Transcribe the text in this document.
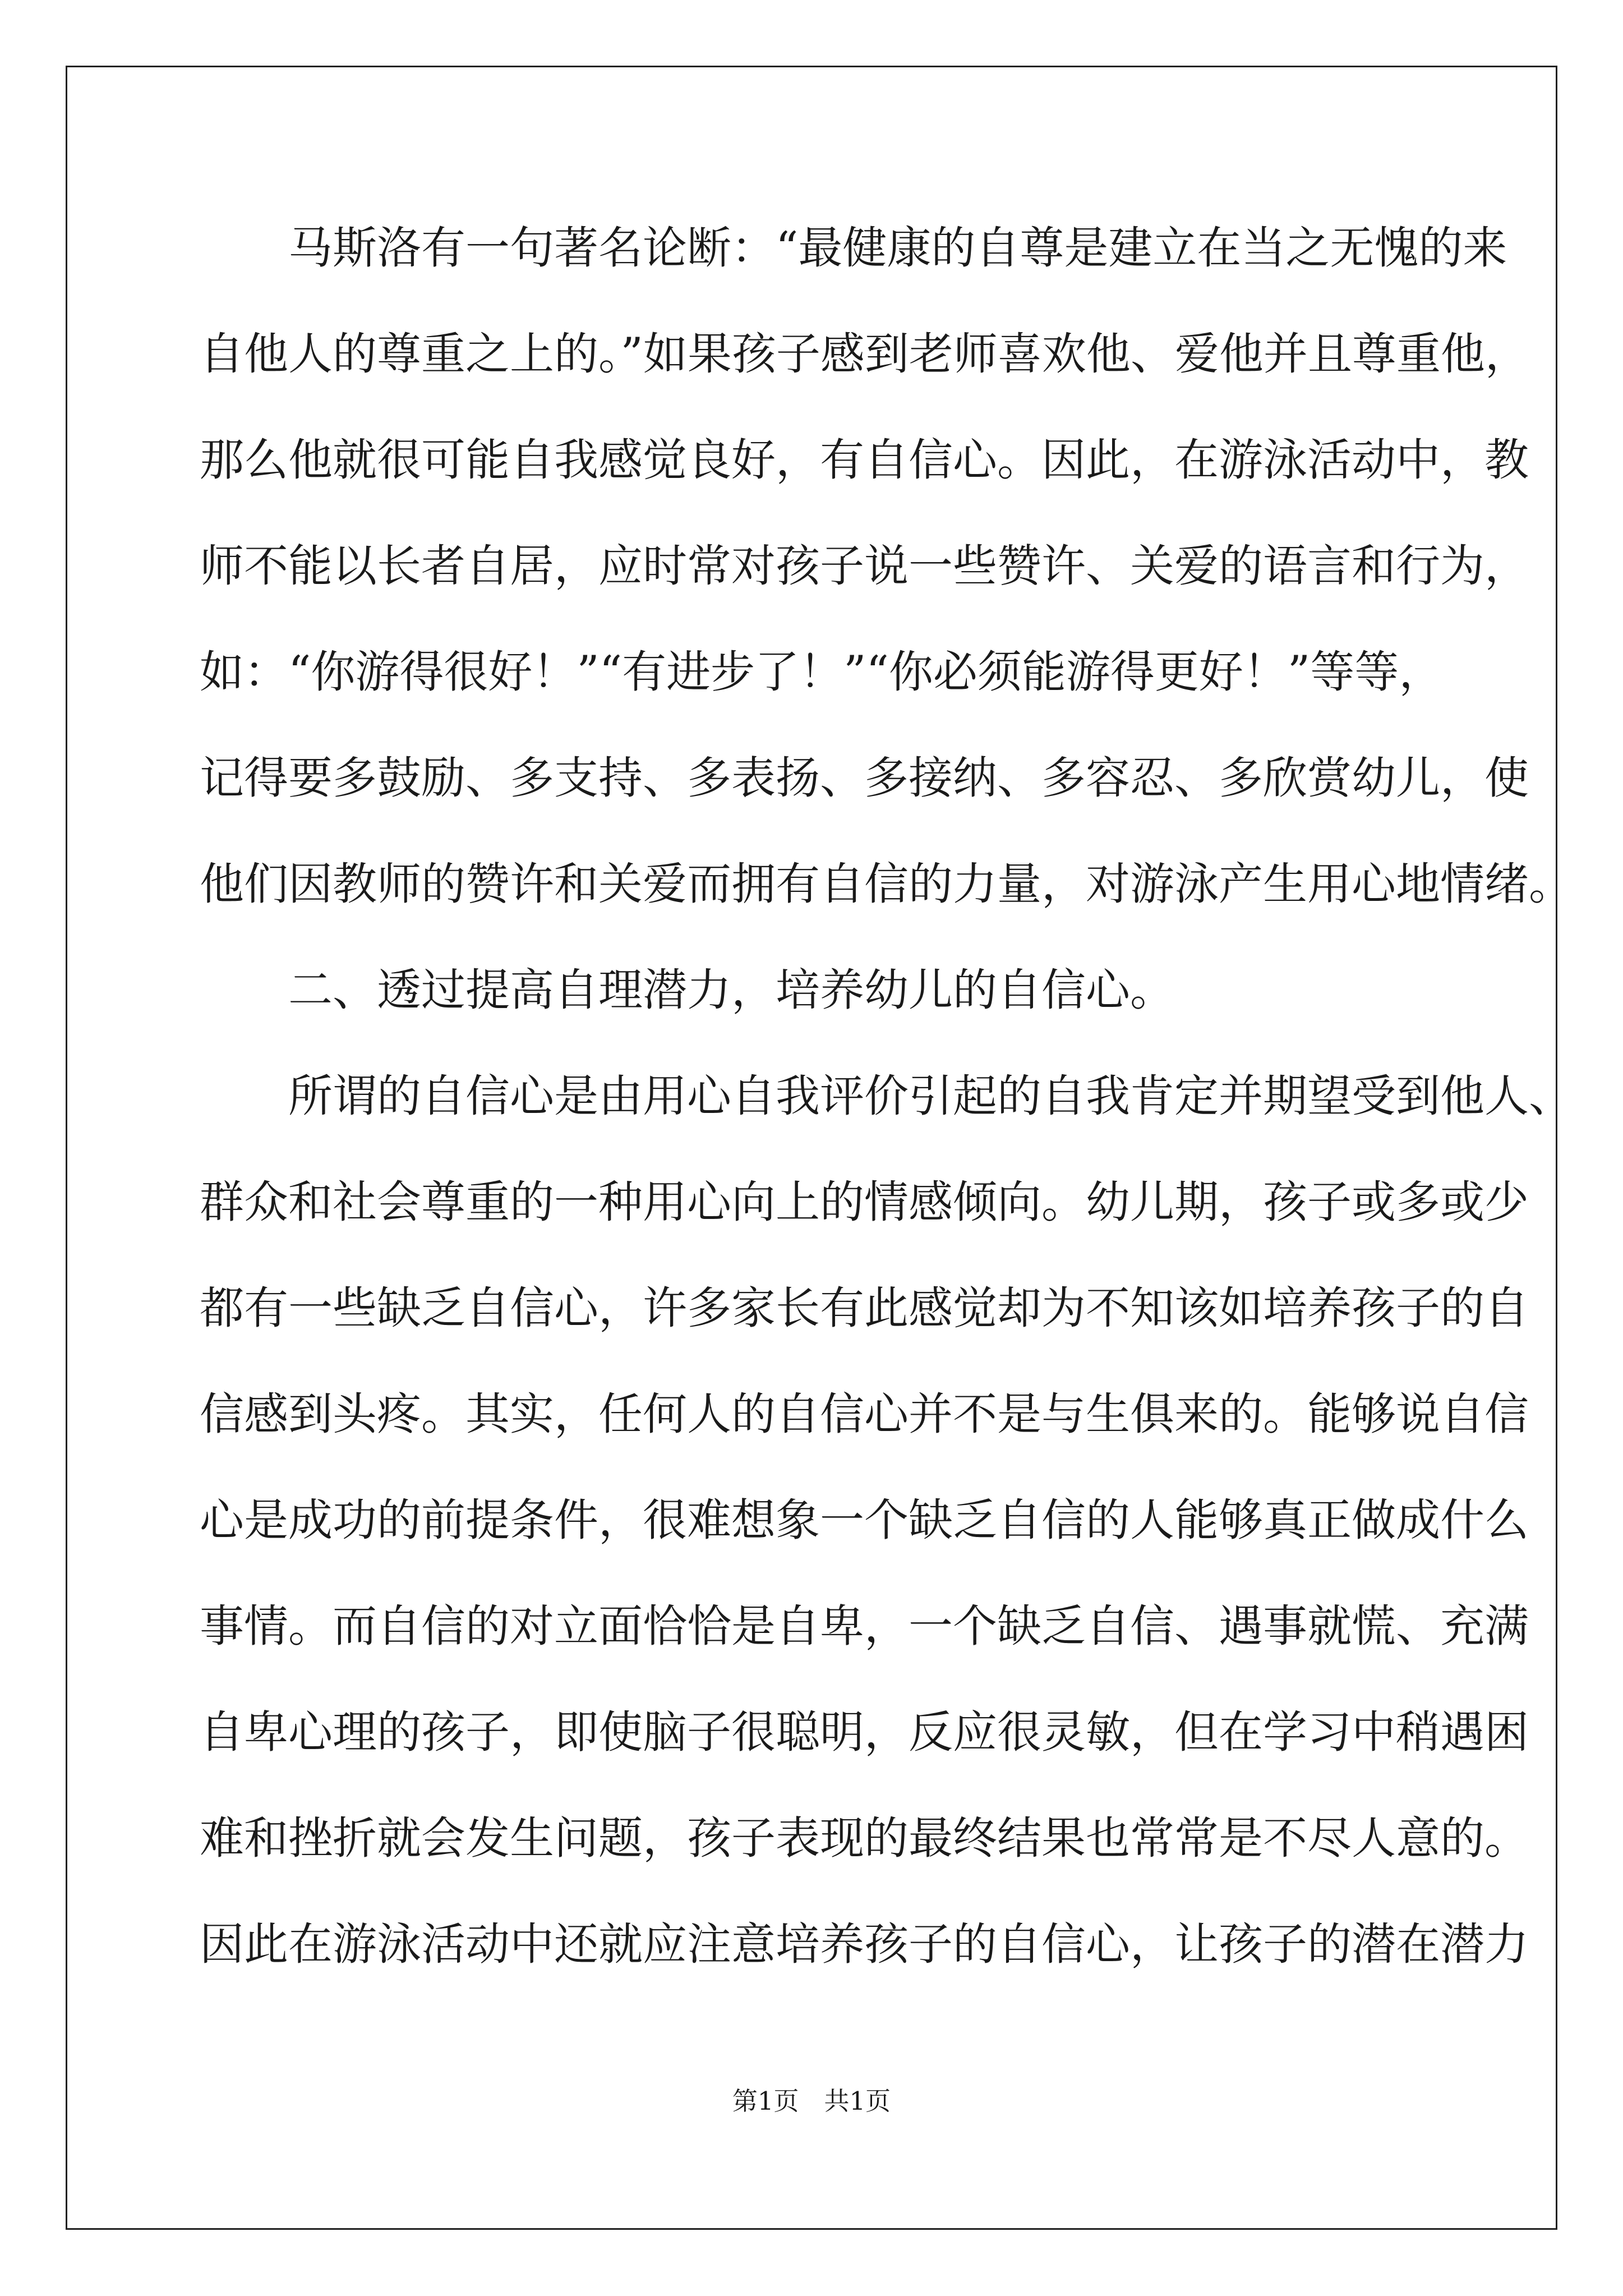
　　马斯洛有一句著名论断：“最健康的自尊是建立在当之无愧的来
自他人的尊重之上的。”如果孩子感到老师喜欢他、爱他并且尊重他，
那么他就很可能自我感觉良好，有自信心。因此，在游泳活动中，教
师不能以长者自居，应时常对孩子说一些赞许、关爱的语言和行为，
如：“你游得很好！”“有进步了！”“你必须能游得更好！”等等，
记得要多鼓励、多支持、多表扬、多接纳、多容忍、多欣赏幼儿，使
他们因教师的赞许和关爱而拥有自信的力量，对游泳产生用心地情绪。
　　二、透过提高自理潜力，培养幼儿的自信心。
　　所谓的自信心是由用心自我评价引起的自我肯定并期望受到他人、
群众和社会尊重的一种用心向上的情感倾向。幼儿期，孩子或多或少
都有一些缺乏自信心，许多家长有此感觉却为不知该如培养孩子的自
信感到头疼。其实，任何人的自信心并不是与生俱来的。能够说自信
心是成功的前提条件，很难想象一个缺乏自信的人能够真正做成什么
事情。而自信的对立面恰恰是自卑，一个缺乏自信、遇事就慌、充满
自卑心理的孩子，即使脑子很聪明，反应很灵敏，但在学习中稍遇困
难和挫折就会发生问题，孩子表现的最终结果也常常是不尽人意的。
因此在游泳活动中还就应注意培养孩子的自信心，让孩子的潜在潜力
第1页　共1页
